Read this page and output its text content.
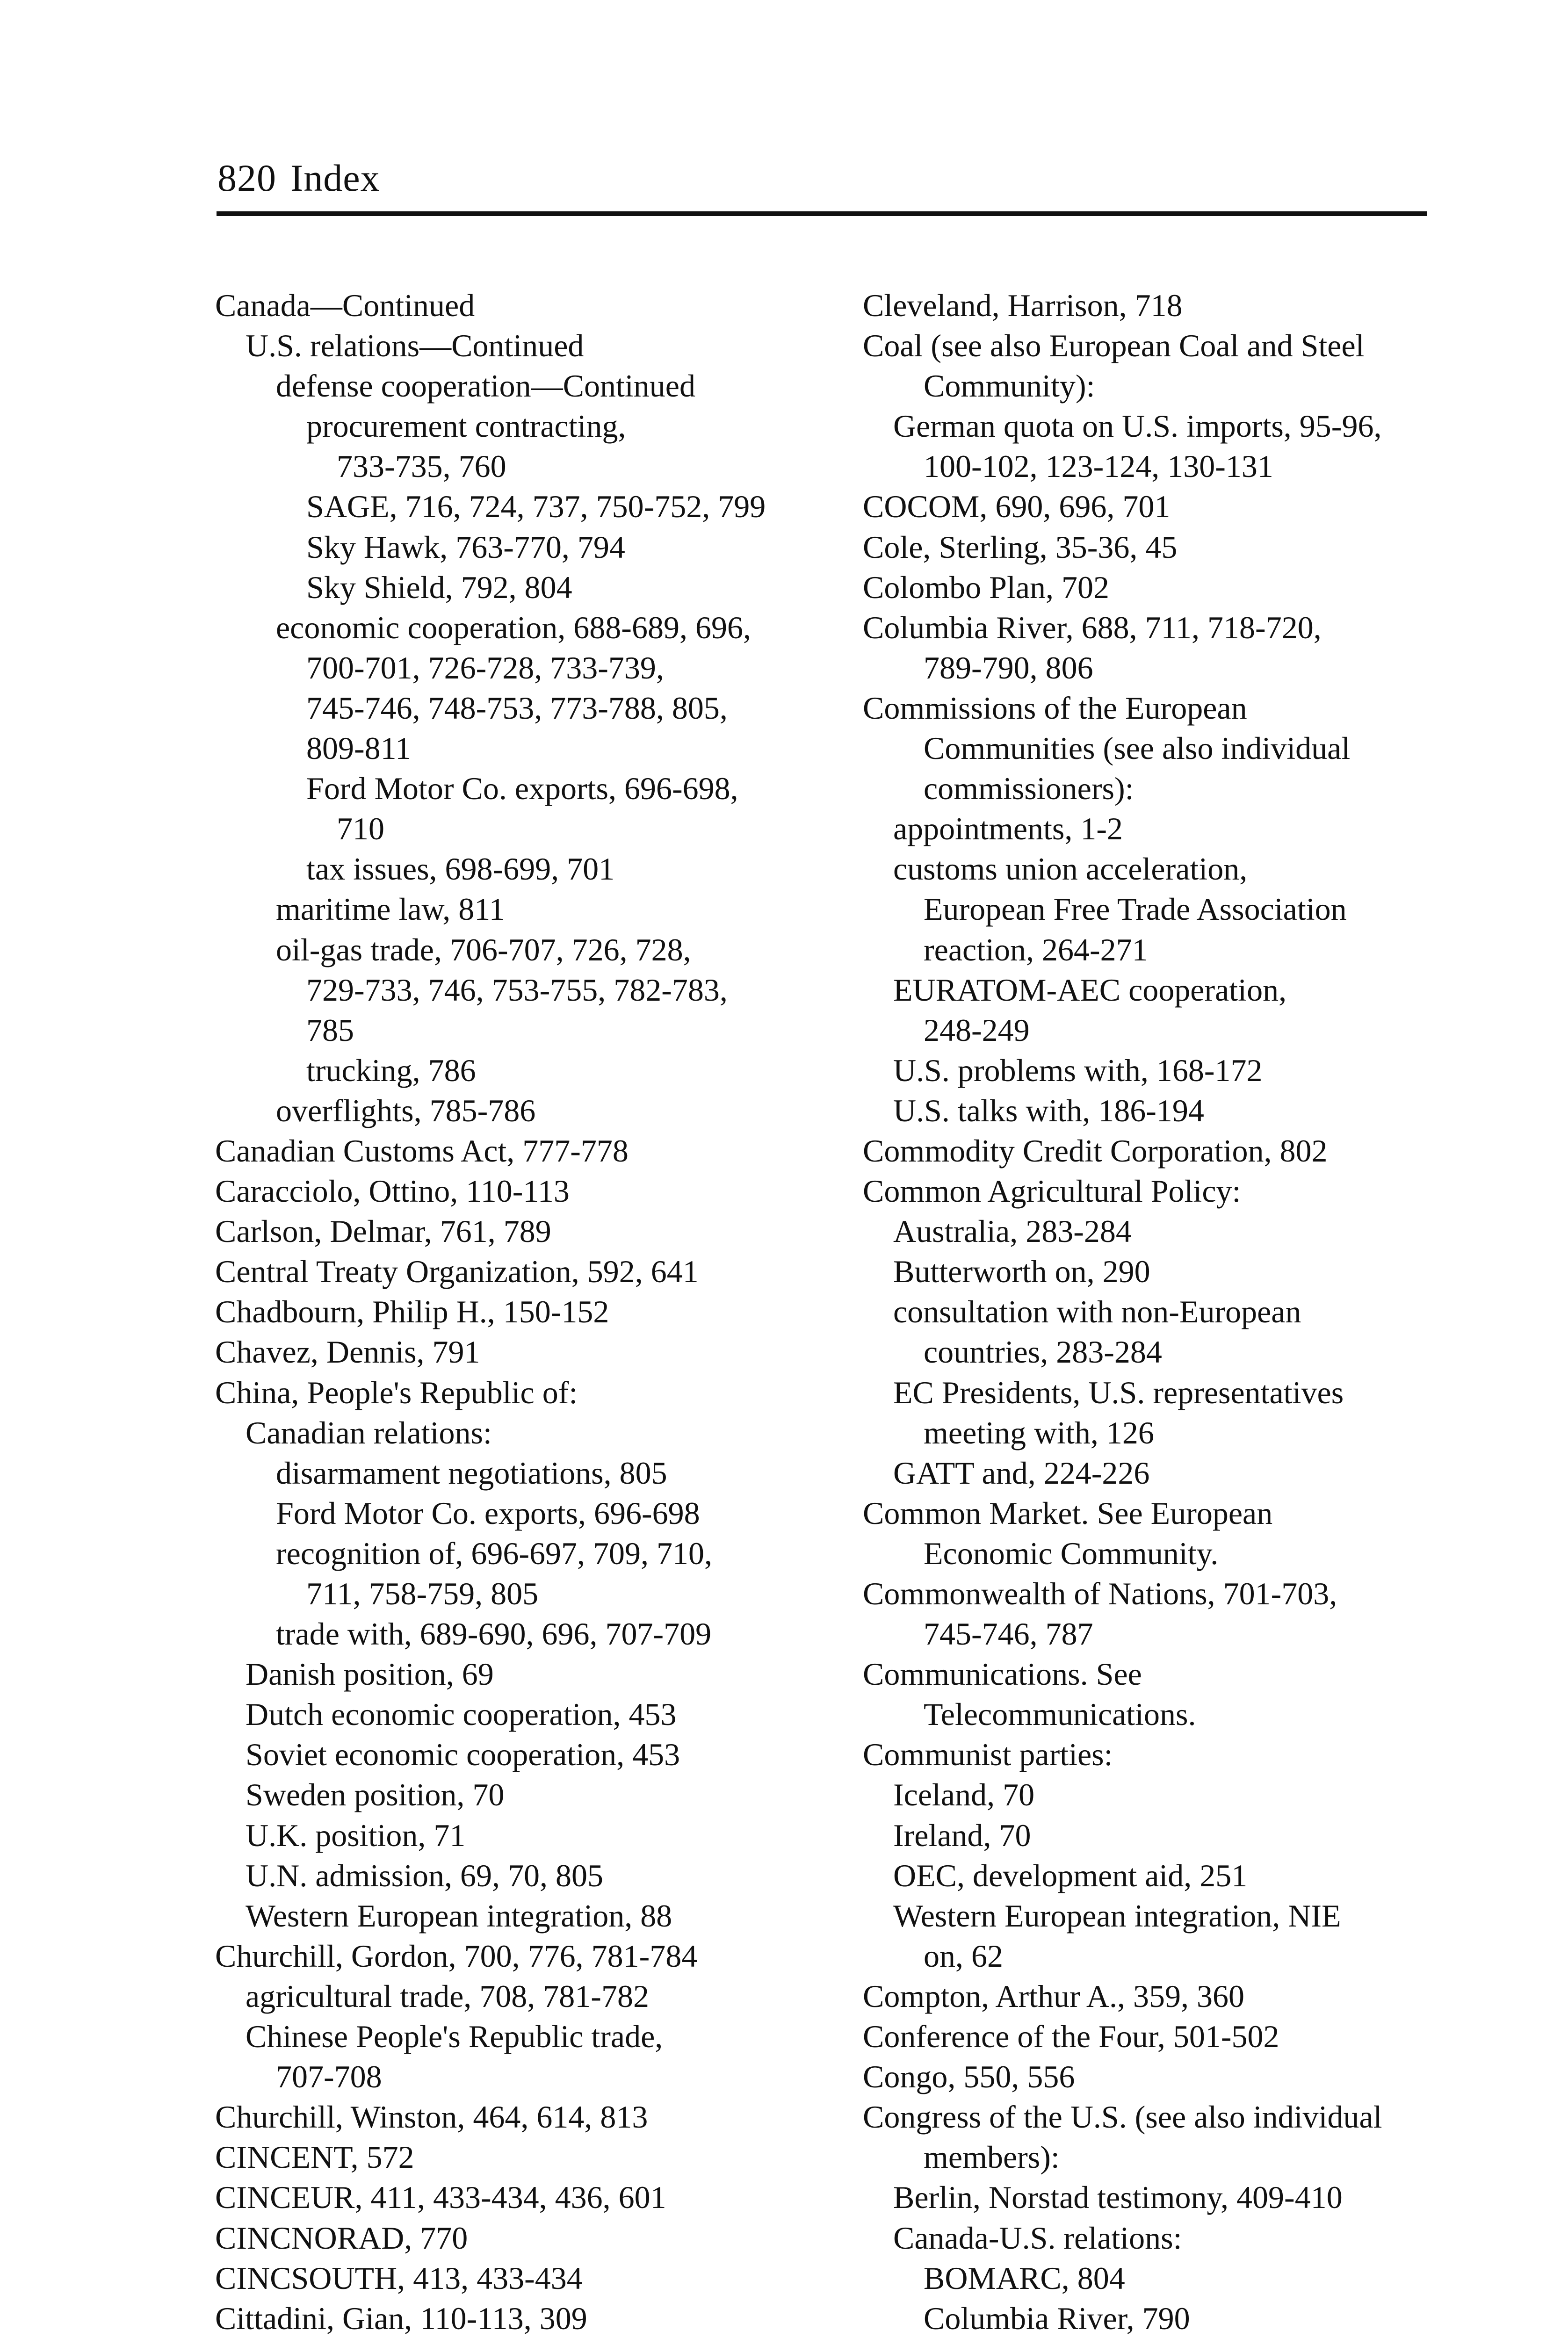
820 Index
Canada—Continued
U.S. relations—Continued
defense cooperation—Continued
procurement contracting,
733-735, 760
SAGE, 716, 724, 737, 750-752, 799
Sky Hawk, 763-770, 794
Sky Shield, 792, 804
economic cooperation, 688-689, 696,
700-701, 726-728, 733-739,
745-746, 748-753, 773-788, 805,
809-811
Ford Motor Co. exports, 696-698,
710
tax issues, 698-699, 701
maritime law, 811
oil-gas trade, 706-707, 726, 728,
729-733, 746, 753-755, 782-783,
785
trucking, 786
overflights, 785-786
Canadian Customs Act, 777-778
Caracciolo, Ottino, 110-113
Carlson, Delmar, 761, 789
Central Treaty Organization, 592, 641
Chadbourn, Philip H., 150-152
Chavez, Dennis, 791
China, People's Republic of:
Canadian relations:
disarmament negotiations, 805
Ford Motor Co. exports, 696-698
recognition of, 696-697, 709, 710,
711, 758-759, 805
trade with, 689-690, 696, 707-709
Danish position, 69
Dutch economic cooperation, 453
Soviet economic cooperation, 453
Sweden position, 70
U.K. position, 71
U.N. admission, 69, 70, 805
Western European integration, 88
Churchill, Gordon, 700, 776, 781-784
agricultural trade, 708, 781-782
Chinese People's Republic trade,
707-708
Churchill, Winston, 464, 614, 813
CINCENT, 572
CINCEUR, 411, 433-434, 436, 601
CINCNORAD, 770
CINCSOUTH, 413, 433-434
Cittadini, Gian, 110-113, 309
Cleveland, Harrison, 718
Coal (see also European Coal and Steel
Community):
German quota on U.S. imports, 95-96,
100-102, 123-124, 130-131
COCOM, 690, 696, 701
Cole, Sterling, 35-36, 45
Colombo Plan, 702
Columbia River, 688, 711, 718-720,
789-790, 806
Commissions of the European
Communities (see also individual
commissioners):
appointments, 1-2
customs union acceleration,
European Free Trade Association
reaction, 264-271
EURATOM-AEC cooperation,
248-249
U.S. problems with, 168-172
U.S. talks with, 186-194
Commodity Credit Corporation, 802
Common Agricultural Policy:
Australia, 283-284
Butterworth on, 290
consultation with non-European
countries, 283-284
EC Presidents, U.S. representatives
meeting with, 126
GATT and, 224-226
Common Market. See European
Economic Community.
Commonwealth of Nations, 701-703,
745-746, 787
Communications. See
Telecommunications.
Communist parties:
Iceland, 70
Ireland, 70
OEC, development aid, 251
Western European integration, NIE
on, 62
Compton, Arthur A., 359, 360
Conference of the Four, 501-502
Congo, 550, 556
Congress of the U.S. (see also individual
members):
Berlin, Norstad testimony, 409-410
Canada-U.S. relations:
BOMARC, 804
Columbia River, 790
